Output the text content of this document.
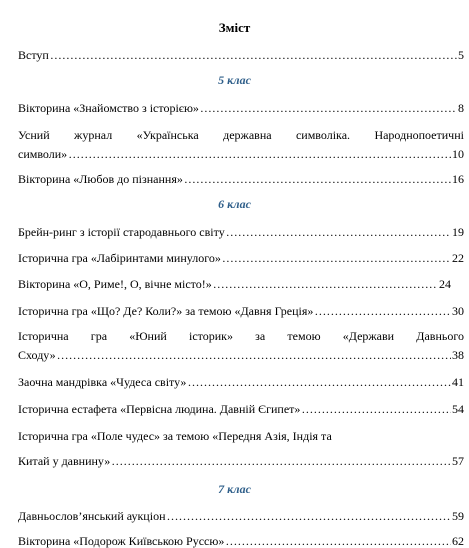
Зміст
Вступ ……………………………………………………………………………………………………………………………………………………………………………………………………	5
5 клас
Вікторина «Знайомство з історією» ……………………………………………………………………………………………………………………………………………………………………………………………………	8
Усний журнал «Українська державна символіка. Народнопоетичні
символи» ……………………………………………………………………………………………………………………………………………………………………………………………………	10
Вікторина «Любов до пізнання» ……………………………………………………………………………………………………………………………………………………………………………………………………	16
6 клас
Брейн-ринг з історії стародавнього світу ……………………………………………………………………………………………………………………………………………………………………………………………………	19
Історична гра «Лабіринтами минулого» ……………………………………………………………………………………………………………………………………………………………………………………………………	22
Вікторина «О, Риме!, О, вічне місто!» ……………………………………………………………………………………………………………………………………………………………………………………………………	24
Історична гра «Що? Де? Коли?» за темою «Давня Греція» ……………………………………………………………………………………………………………………………………………………………………………………………………	30
Історична гра «Юний історик» за темою «Держави Давнього
Сходу» ……………………………………………………………………………………………………………………………………………………………………………………………………	38
Заочна мандрівка «Чудеса світу» ……………………………………………………………………………………………………………………………………………………………………………………………………	41
Історична естафета «Первісна людина. Давній Єгипет» ……………………………………………………………………………………………………………………………………………………………………………………………………	54
Історична гра «Поле чудес» за темою «Передня Азія, Індія та
Китай у давнину» ……………………………………………………………………………………………………………………………………………………………………………………………………	57
7 клас
Давньослов’янський аукціон ……………………………………………………………………………………………………………………………………………………………………………………………………	59
Вікторина «Подорож Київською Руссю» ……………………………………………………………………………………………………………………………………………………………………………………………………	62
